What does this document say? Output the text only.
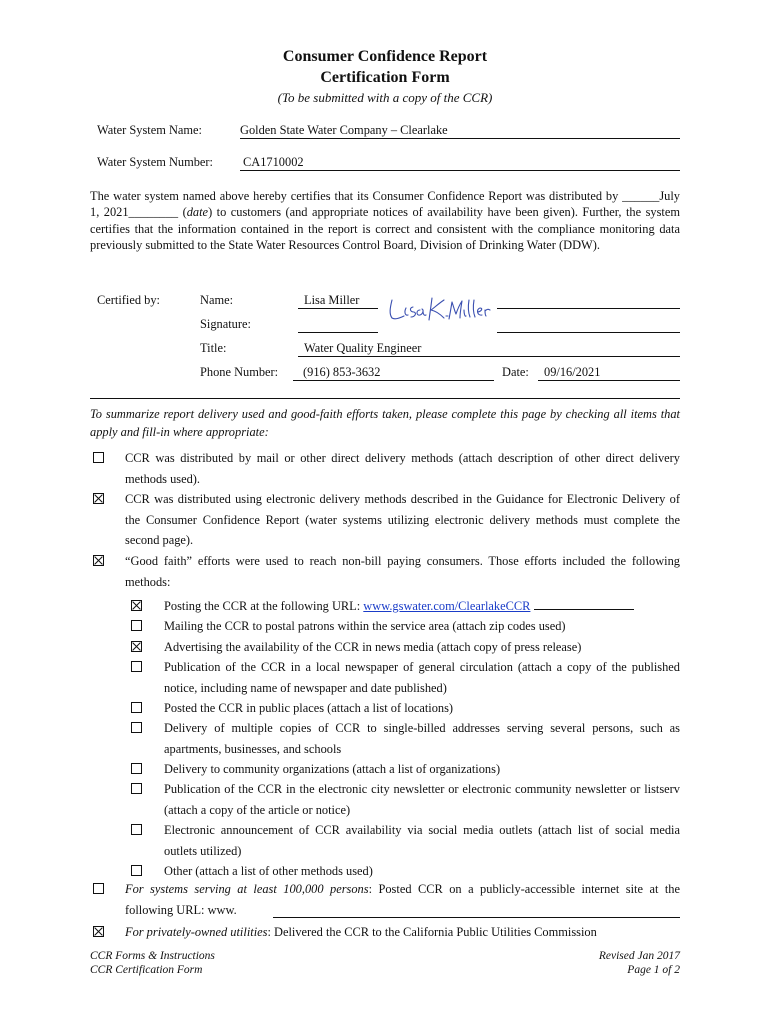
Consumer Confidence Report
Certification Form
(To be submitted with a copy of the CCR)
Water System Name:	Golden State Water Company – Clearlake
Water System Number: CA1710002
The water system named above hereby certifies that its Consumer Confidence Report was distributed by ______July 1, 2021________ (date) to customers (and appropriate notices of availability have been given). Further, the system certifies that the information contained in the report is correct and consistent with the compliance monitoring data previously submitted to the State Water Resources Control Board, Division of Drinking Water (DDW).
Certified by:	Name:	Lisa Miller
Signature:
Title:	Water Quality Engineer
Phone Number:	(916) 853-3632	Date:	09/16/2021
To summarize report delivery used and good-faith efforts taken, please complete this page by checking all items that apply and fill-in where appropriate:
CCR was distributed by mail or other direct delivery methods (attach description of other direct delivery methods used).
CCR was distributed using electronic delivery methods described in the Guidance for Electronic Delivery of the Consumer Confidence Report (water systems utilizing electronic delivery methods must complete the second page).
“Good faith” efforts were used to reach non-bill paying consumers. Those efforts included the following methods:
Posting the CCR at the following URL: www.gswater.com/ClearlakeCCR
Mailing the CCR to postal patrons within the service area (attach zip codes used)
Advertising the availability of the CCR in news media (attach copy of press release)
Publication of the CCR in a local newspaper of general circulation (attach a copy of the published notice, including name of newspaper and date published)
Posted the CCR in public places (attach a list of locations)
Delivery of multiple copies of CCR to single-billed addresses serving several persons, such as apartments, businesses, and schools
Delivery to community organizations (attach a list of organizations)
Publication of the CCR in the electronic city newsletter or electronic community newsletter or listserv (attach a copy of the article or notice)
Electronic announcement of CCR availability via social media outlets (attach list of social media outlets utilized)
Other (attach a list of other methods used)
For systems serving at least 100,000 persons: Posted CCR on a publicly-accessible internet site at the following URL: www.
For privately-owned utilities: Delivered the CCR to the California Public Utilities Commission
CCR Forms & Instructions
CCR Certification Form
Revised Jan 2017
Page 1 of 2
